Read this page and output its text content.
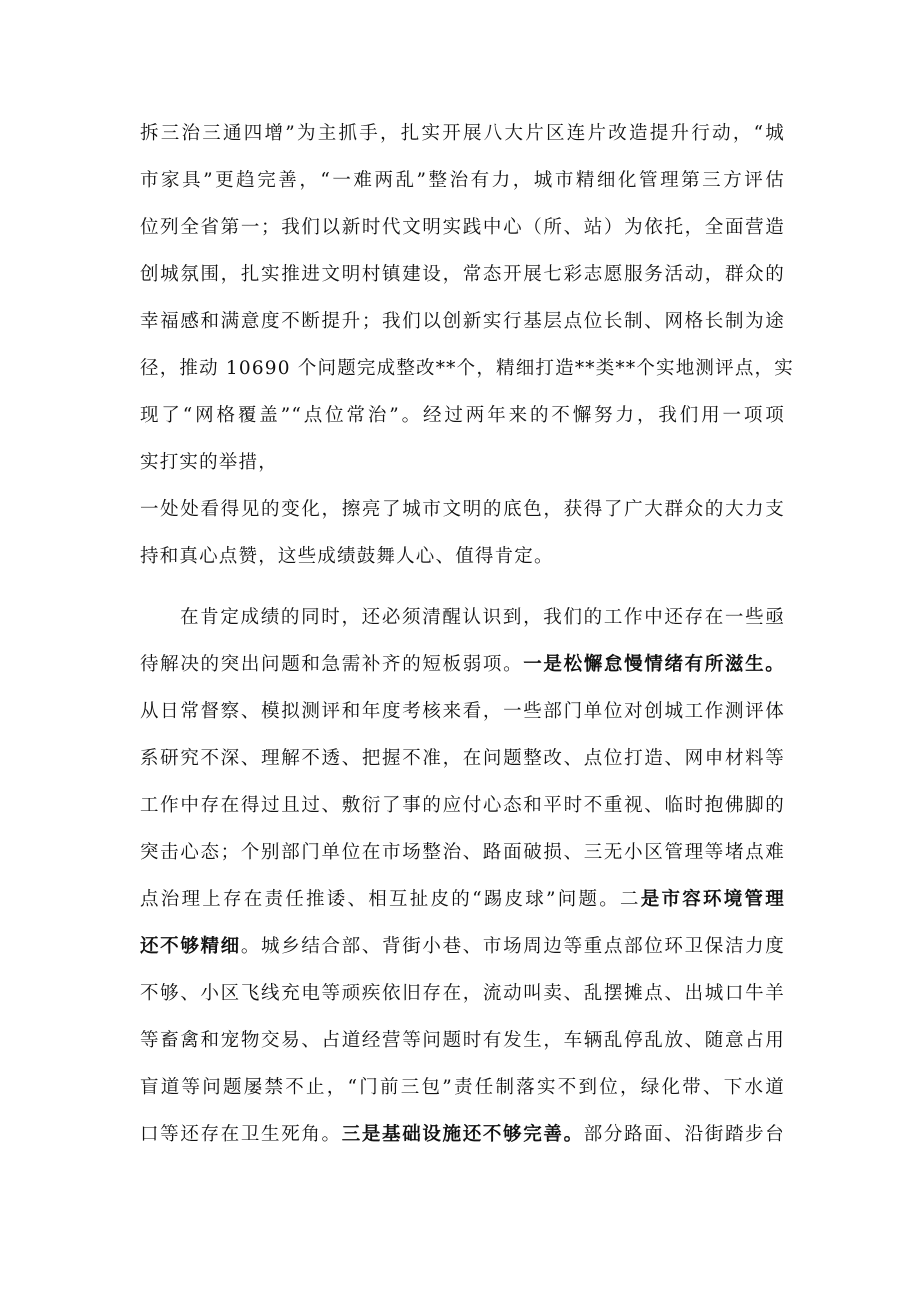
拆三治三通四增”为主抓手，扎实开展八大片区连片改造提升行动，“城
市家具”更趋完善，“一难两乱”整治有力，城市精细化管理第三方评估
位列全省第一；我们以新时代文明实践中心（所、站）为依托，全面营造
创城氛围，扎实推进文明村镇建设，常态开展七彩志愿服务活动，群众的
幸福感和满意度不断提升；我们以创新实行基层点位长制、网格长制为途
径，推动 10690 个问题完成整改**个，精细打造**类**个实地测评点，实
现了“网格覆盖”“点位常治”。经过两年来的不懈努力，我们用一项项
实打实的举措，
一处处看得见的变化，擦亮了城市文明的底色，获得了广大群众的大力支
持和真心点赞，这些成绩鼓舞人心、值得肯定。
在肯定成绩的同时，还必须清醒认识到，我们的工作中还存在一些亟
待解决的突出问题和急需补齐的短板弱项。一是松懈怠慢情绪有所滋生。
从日常督察、模拟测评和年度考核来看，一些部门单位对创城工作测评体
系研究不深、理解不透、把握不准，在问题整改、点位打造、网申材料等
工作中存在得过且过、敷衍了事的应付心态和平时不重视、临时抱佛脚的
突击心态；个别部门单位在市场整治、路面破损、三无小区管理等堵点难
点治理上存在责任推诿、相互扯皮的“踢皮球”问题。二是市容环境管理
还不够精细。城乡结合部、背街小巷、市场周边等重点部位环卫保洁力度
不够、小区飞线充电等顽疾依旧存在，流动叫卖、乱摆摊点、出城口牛羊
等畜禽和宠物交易、占道经营等问题时有发生，车辆乱停乱放、随意占用
盲道等问题屡禁不止，“门前三包”责任制落实不到位，绿化带、下水道
口等还存在卫生死角。三是基础设施还不够完善。部分路面、沿街踏步台
